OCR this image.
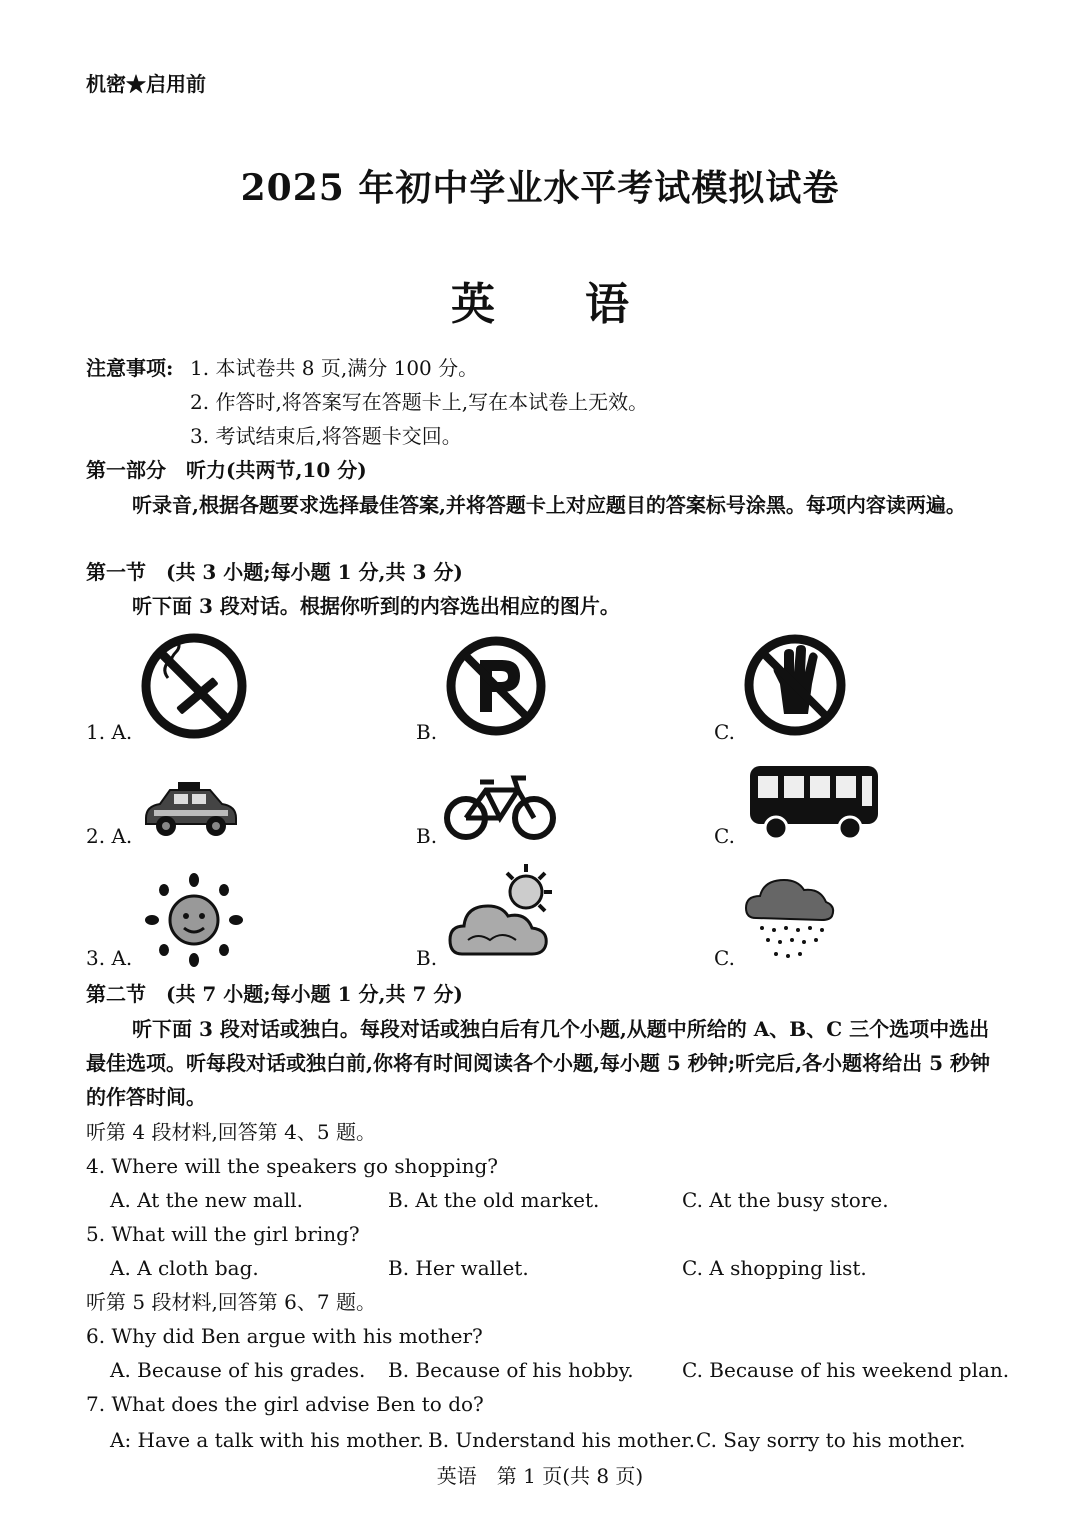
机密★启用前
2025 年初中学业水平考试模拟试卷
英语
注意事项: 1. 本试卷共 8 页,满分 100 分。
2. 作答时,将答案写在答题卡上,写在本试卷上无效。
3. 考试结束后,将答题卡交回。
第一部分　听力(共两节,10 分)
听录音,根据各题要求选择最佳答案,并将答题卡上对应题目的答案标号涂黑。每项内容读两遍。
第一节　(共 3 小题;每小题 1 分,共 3 分)
听下面 3 段对话。根据你听到的内容选出相应的图片。
1. A.	B.	C.
2. A.	B.	C.
3. A.	B.	C.
第二节　(共 7 小题;每小题 1 分,共 7 分)
听下面 3 段对话或独白。每段对话或独白后有几个小题,从题中所给的 A、B、C 三个选项中选出最佳选项。听每段对话或独白前,你将有时间阅读各个小题,每小题 5 秒钟;听完后,各小题将给出 5 秒钟的作答时间。
听第 4 段材料,回答第 4、5 题。
4. Where will the speakers go shopping?
A. At the new mall.	B. At the old market.	C. At the busy store.
5. What will the girl bring?
A. A cloth bag.	B. Her wallet.	C. A shopping list.
听第 5 段材料,回答第 6、7 题。
6. Why did Ben argue with his mother?
A. Because of his grades. B. Because of his hobby. C. Because of his weekend plan.
7. What does the girl advise Ben to do?
A: Have a talk with his mother. B. Understand his mother. C. Say sorry to his mother.
英语　第 1 页(共 8 页)
